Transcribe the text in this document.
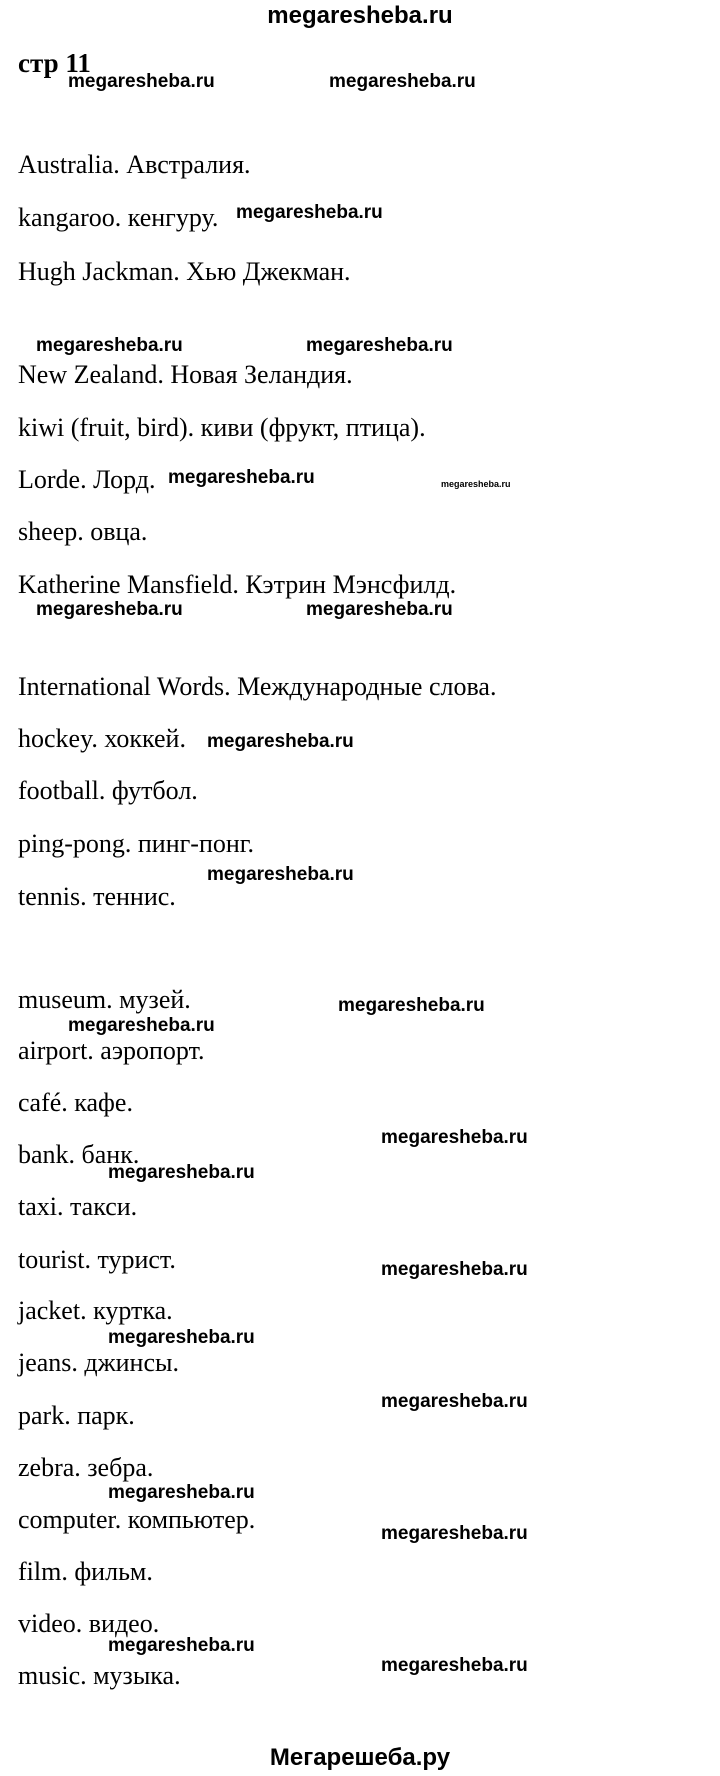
megaresheba.ru
стр 11
Australia. Австралия.
kangaroo. кенгуру.
Hugh Jackman. Хью Джекман.
New Zealand. Новая Зеландия.
kiwi (fruit, bird). киви (фрукт, птица).
Lorde. Лорд.
sheep. овца.
Katherine Mansfield. Кэтрин Мэнсфилд.
International Words. Международные слова.
hockey. хоккей.
football. футбол.
ping-pong. пинг-понг.
tennis. теннис.
museum. музей.
airport. аэропорт.
café. кафе.
bank. банк.
taxi. такси.
tourist. турист.
jacket. куртка.
jeans. джинсы.
park. парк.
zebra. зебра.
computer. компьютер.
film. фильм.
video. видео.
music. музыка.
megaresheba.ru	megaresheba.ru
megaresheba.ru
megaresheba.ru	megaresheba.ru
megaresheba.ru	megaresheba.ru
megaresheba.ru	megaresheba.ru
megaresheba.ru
megaresheba.ru
megaresheba.ru
megaresheba.ru
megaresheba.ru
megaresheba.ru
megaresheba.ru
megaresheba.ru
megaresheba.ru
megaresheba.ru
megaresheba.ru
megaresheba.ru
megaresheba.ru
Мегарешеба.ру
